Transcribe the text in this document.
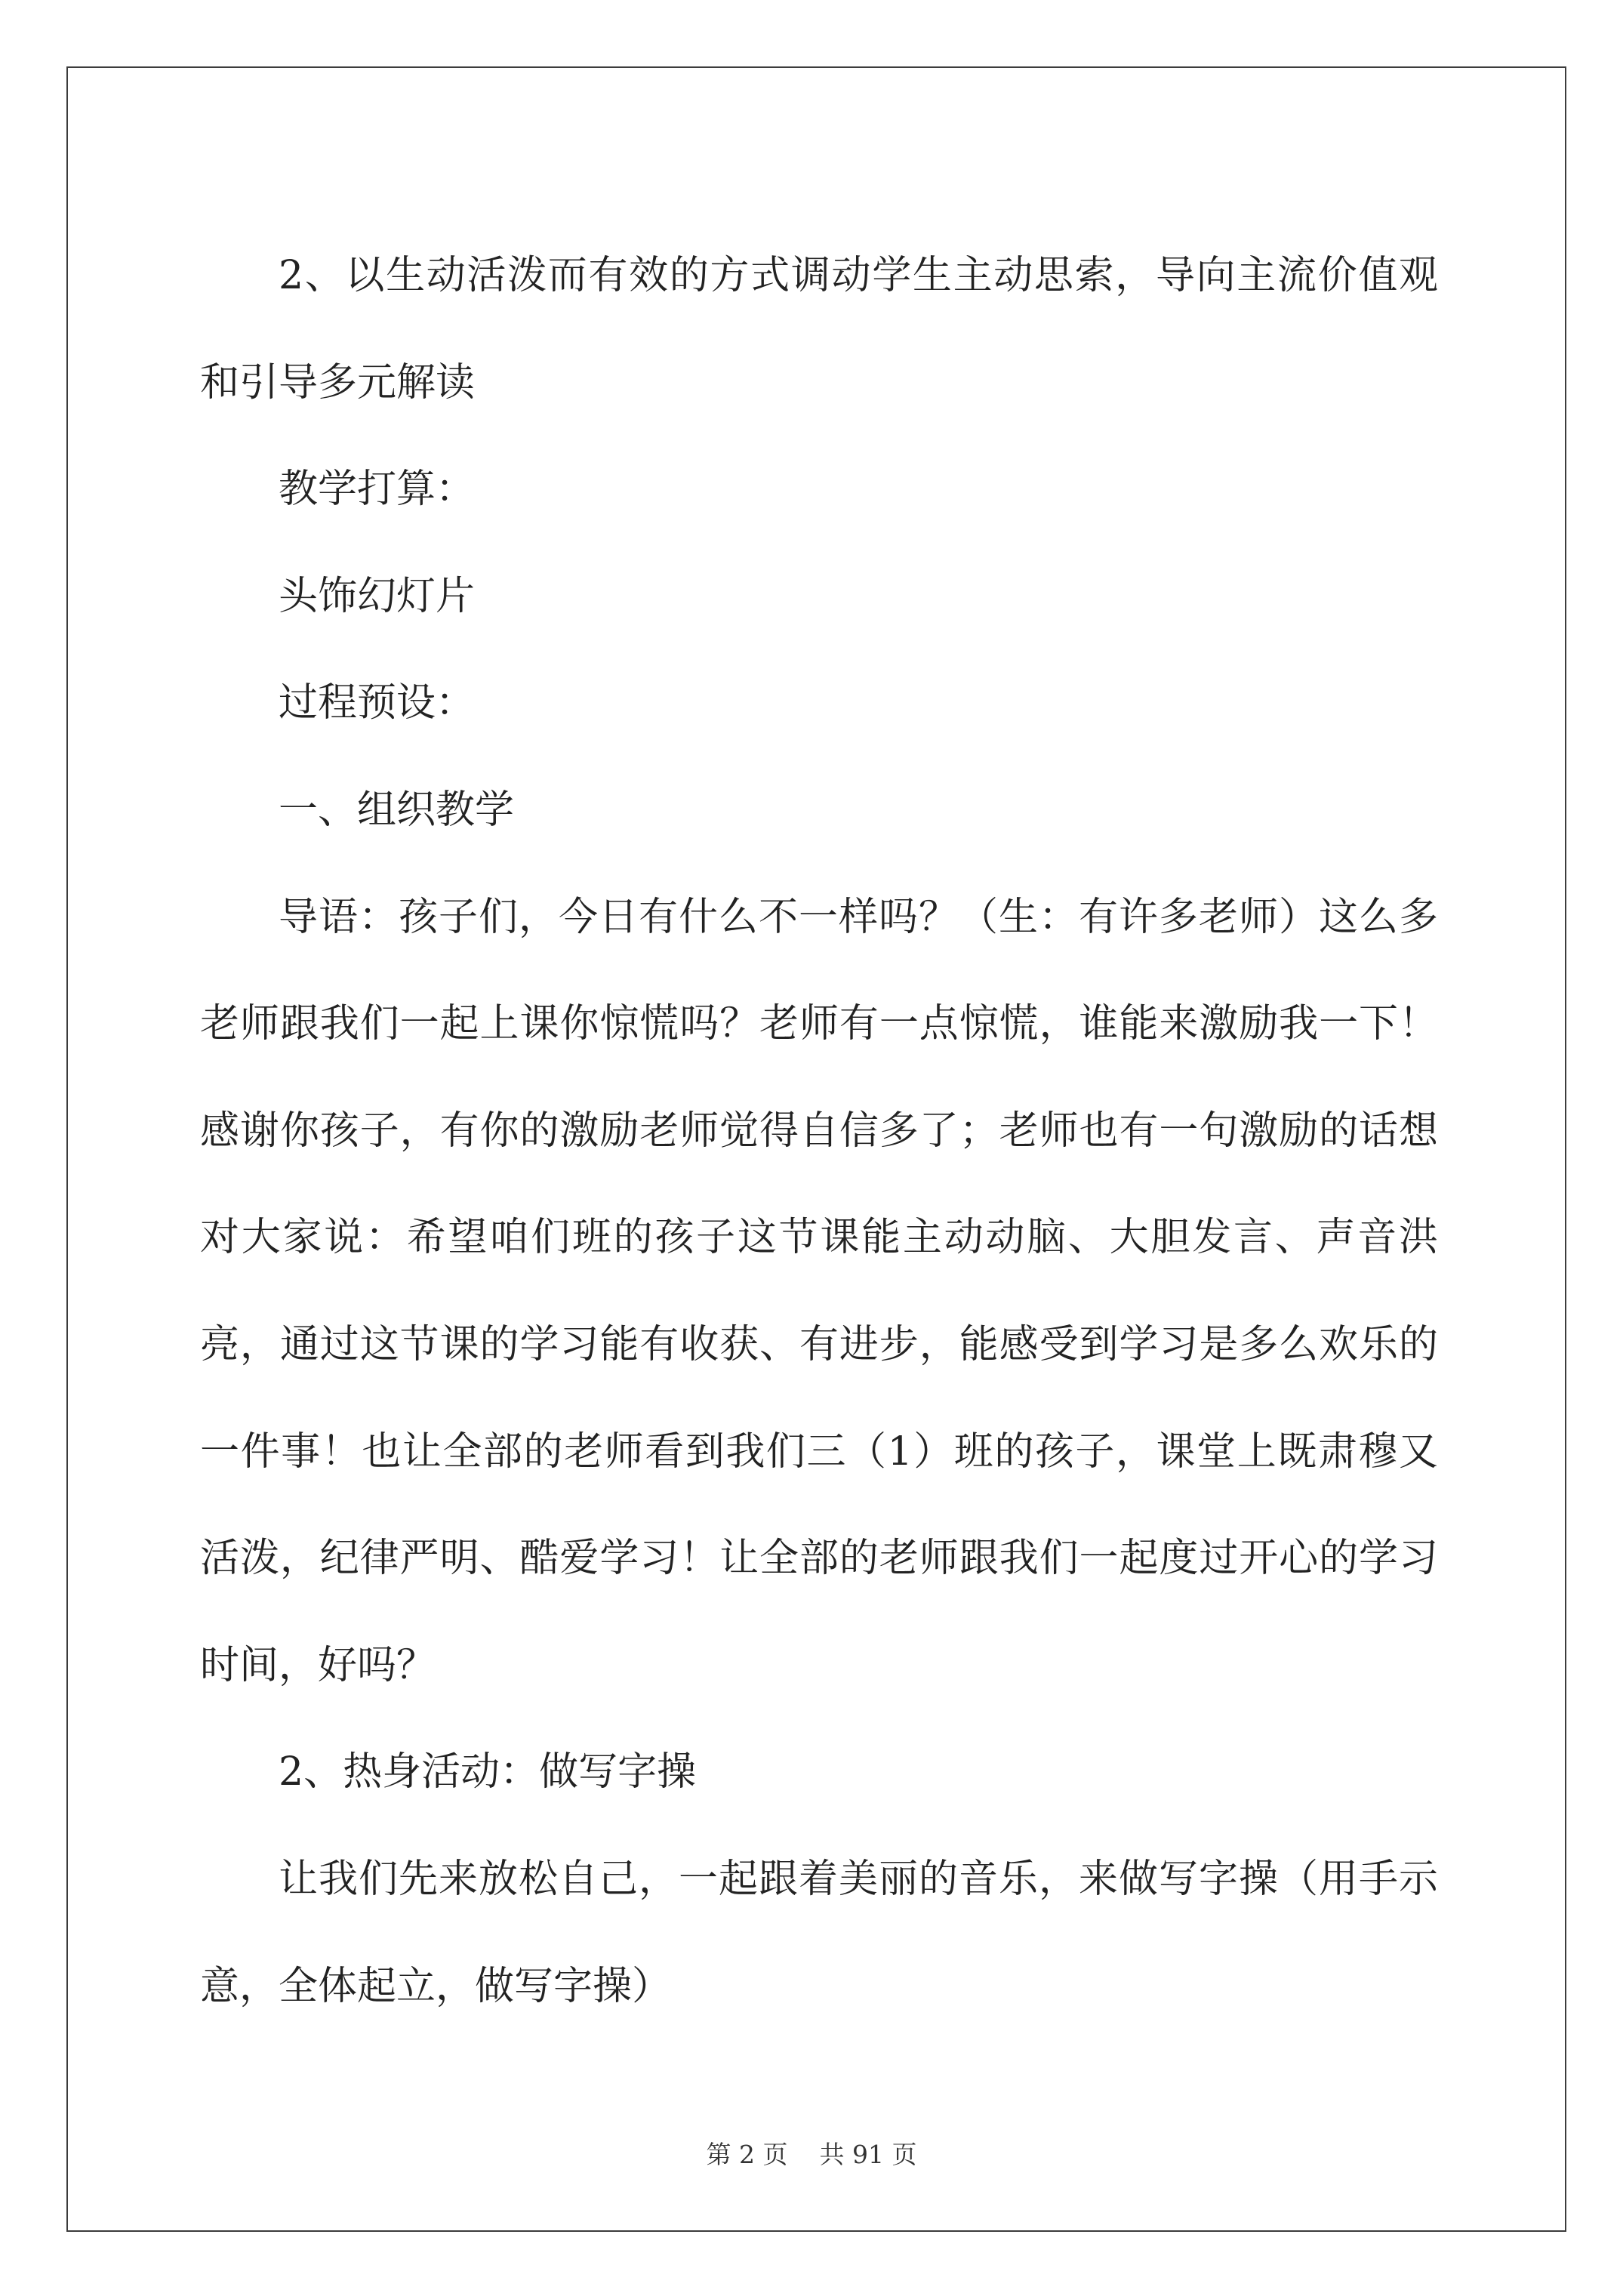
2、以生动活泼而有效的方式调动学生主动思索，导向主流价值观和引导多元解读

教学打算：

头饰幻灯片

过程预设：

一、组织教学

导语：孩子们，今日有什么不一样吗？（生：有许多老师）这么多老师跟我们一起上课你惊慌吗？老师有一点惊慌，谁能来激励我一下！感谢你孩子，有你的激励老师觉得自信多了；老师也有一句激励的话想对大家说：希望咱们班的孩子这节课能主动动脑、大胆发言、声音洪亮，通过这节课的学习能有收获、有进步，能感受到学习是多么欢乐的一件事！也让全部的老师看到我们三（1）班的孩子，课堂上既肃穆又活泼，纪律严明、酷爱学习！让全部的老师跟我们一起度过开心的学习时间，好吗？

2、热身活动：做写字操

让我们先来放松自己，一起跟着美丽的音乐，来做写字操（用手示意，全体起立，做写字操）

第 2 页    共 91 页
